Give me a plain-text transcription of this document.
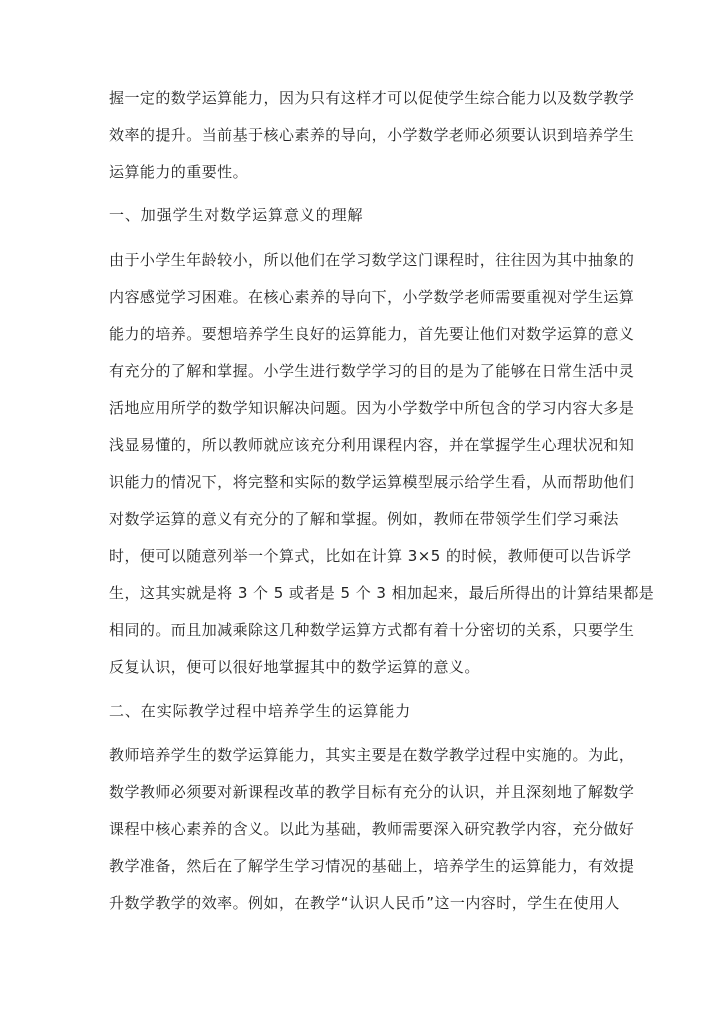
握一定的数学运算能力，因为只有这样才可以促使学生综合能力以及数学教学
效率的提升。当前基于核心素养的导向，小学数学老师必须要认识到培养学生
运算能力的重要性。
一、加强学生对数学运算意义的理解
由于小学生年龄较小，所以他们在学习数学这门课程时，往往因为其中抽象的
内容感觉学习困难。在核心素养的导向下，小学数学老师需要重视对学生运算
能力的培养。要想培养学生良好的运算能力，首先要让他们对数学运算的意义
有充分的了解和掌握。小学生进行数学学习的目的是为了能够在日常生活中灵
活地应用所学的数学知识解决问题。因为小学数学中所包含的学习内容大多是
浅显易懂的，所以教师就应该充分利用课程内容，并在掌握学生心理状况和知
识能力的情况下，将完整和实际的数学运算模型展示给学生看，从而帮助他们
对数学运算的意义有充分的了解和掌握。例如，教师在带领学生们学习乘法
时，便可以随意列举一个算式，比如在计算 3×5 的时候，教师便可以告诉学
生，这其实就是将 3 个 5 或者是 5 个 3 相加起来，最后所得出的计算结果都是
相同的。而且加减乘除这几种数学运算方式都有着十分密切的关系，只要学生
反复认识，便可以很好地掌握其中的数学运算的意义。
二、在实际教学过程中培养学生的运算能力
教师培养学生的数学运算能力，其实主要是在数学教学过程中实施的。为此，
数学教师必须要对新课程改革的教学目标有充分的认识，并且深刻地了解数学
课程中核心素养的含义。以此为基础，教师需要深入研究教学内容，充分做好
教学准备，然后在了解学生学习情况的基础上，培养学生的运算能力，有效提
升数学教学的效率。例如，在教学“认识人民币”这一内容时，学生在使用人
